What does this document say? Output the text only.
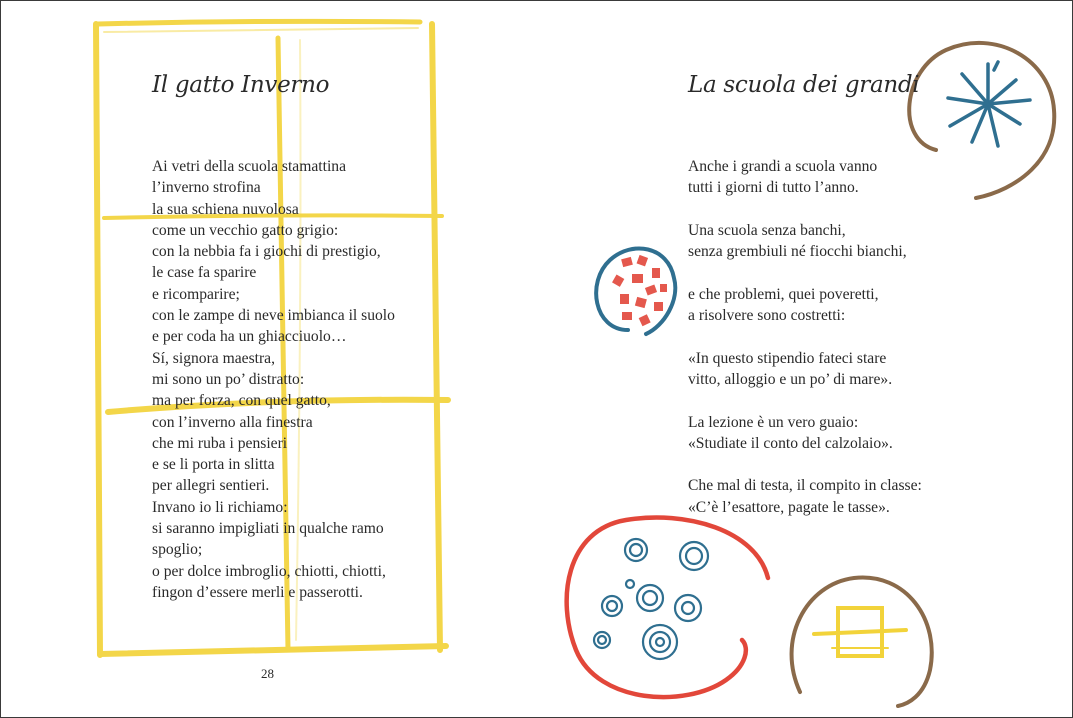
Il gatto Inverno
Ai vetri della scuola stamattina
l’inverno strofina
la sua schiena nuvolosa
come un vecchio gatto grigio:
con la nebbia fa i giochi di prestigio,
le case fa sparire
e ricomparire;
con le zampe di neve imbianca il suolo
e per coda ha un ghiacciuolo…
Sí, signora maestra,
mi sono un po’ distratto:
ma per forza, con quel gatto,
con l’inverno alla finestra
che mi ruba i pensieri
e se li porta in slitta
per allegri sentieri.
Invano io li richiamo:
si saranno impigliati in qualche ramo
spoglio;
o per dolce imbroglio, chiotti, chiotti,
fingon d’essere merli e passerotti.
28
La scuola dei grandi
Anche i grandi a scuola vanno
tutti i giorni di tutto l’anno.
Una scuola senza banchi,
senza grembiuli né fiocchi bianchi,
e che problemi, quei poveretti,
a risolvere sono costretti:
«In questo stipendio fateci stare
vitto, alloggio e un po’ di mare».
La lezione è un vero guaio:
«Studiate il conto del calzolaio».
Che mal di testa, il compito in classe:
«C’è l’esattore, pagate le tasse».
